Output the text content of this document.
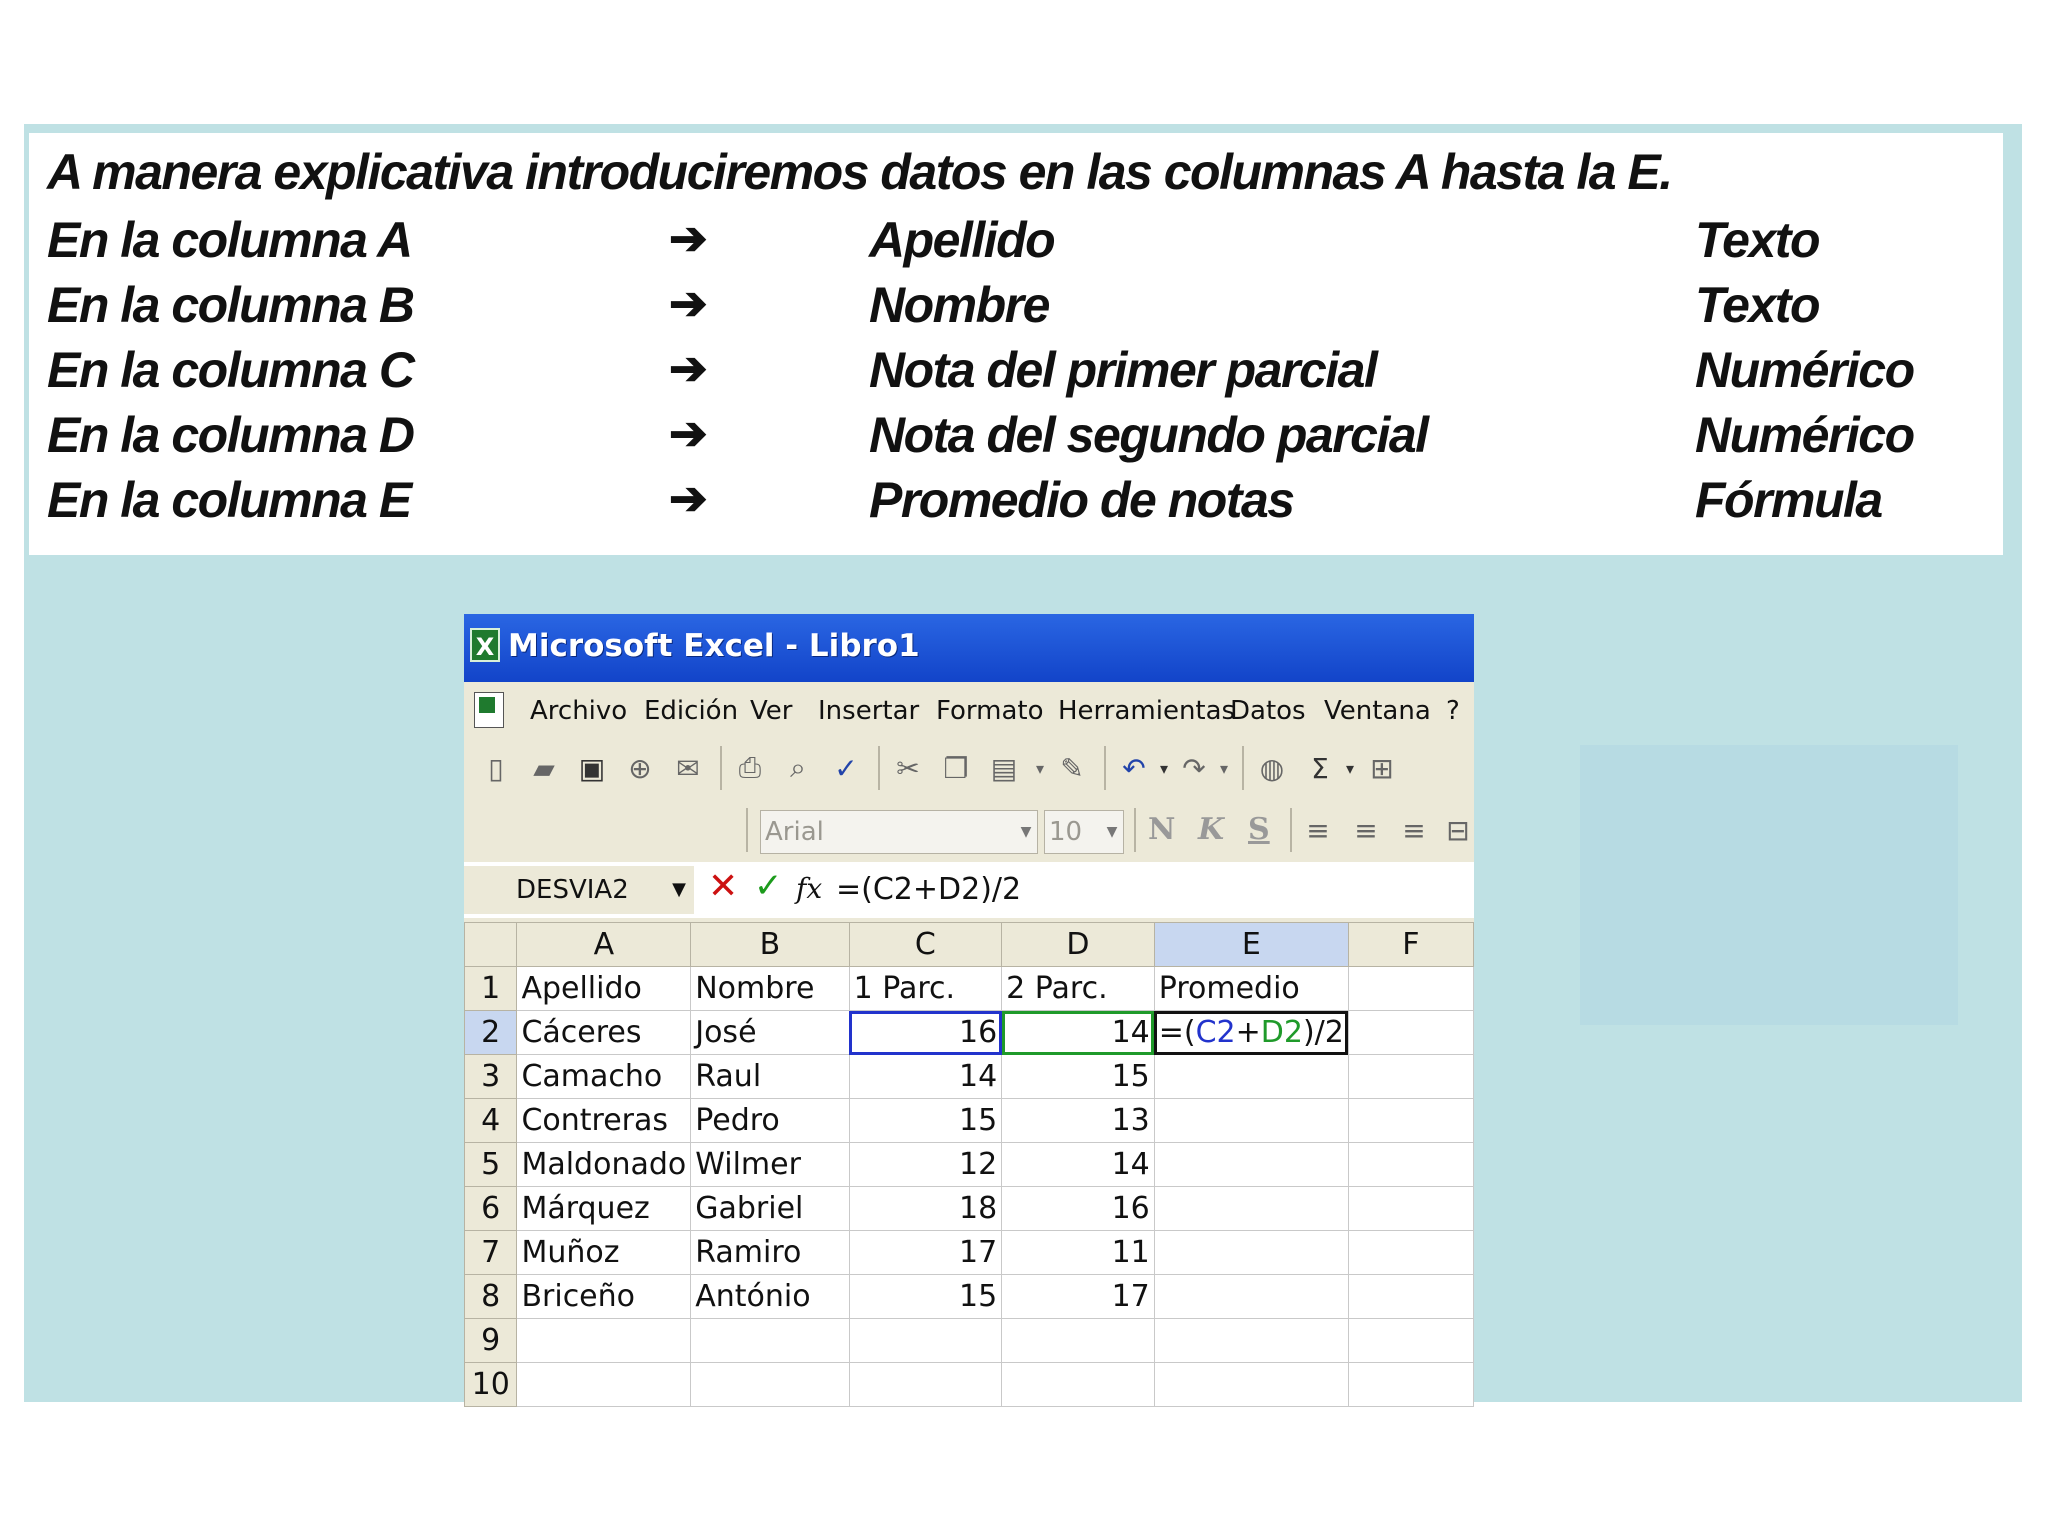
A manera explicativa introduciremos datos en las columnas A hasta la E.
En la columna A	➔	Apellido	Texto
En la columna B	➔	Nombre	Texto
En la columna C	➔	Nota del primer parcial	Numérico
En la columna D	➔	Nota del segundo parcial	Numérico
En la columna E	➔	Promedio de notas	Fórmula
X Microsoft Excel - Libro1
Archivo Edición Ver Insertar Formato Herramientas
Datos Ventana ?
▯	▰ ▣ ⊕ ✉ ⎙	⌕	✓ ✂ ❐ ▤	▾ ✎ ↶ ▾ ↷ ▾ ◍ Σ	▾ ⊞
Arial	▼ 10 ▼ N K S ≡ ≡ ≡ ⊟
DESVIA2 ▼ ✕ ✓ fx =(C2+D2)/2
	A	B	C	D	E	F
1	Apellido	Nombre	1 Parc.	2 Parc.	Promedio	
2	Cáceres	José	16	14	=(C2+D2)/2	
3	Camacho	Raul	14	15		
4	Contreras	Pedro	15	13		
5	Maldonado	Wilmer	12	14		
6	Márquez	Gabriel	18	16		
7	Muñoz	Ramiro	17	11		
8	Briceño	António	15	17		
9						
10						
